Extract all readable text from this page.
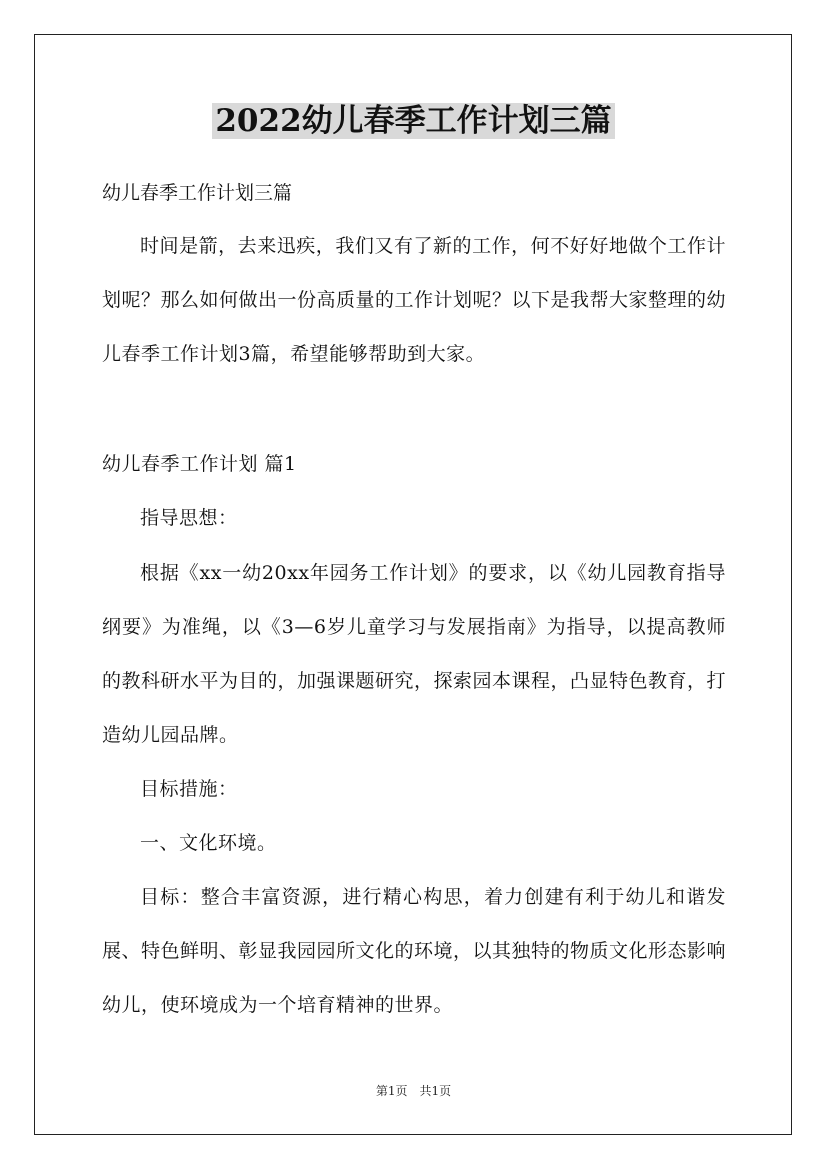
2022幼儿春季工作计划三篇
幼儿春季工作计划三篇

时间是箭，去来迅疾，我们又有了新的工作，何不好好地做个工作计划呢？那么如何做出一份高质量的工作计划呢？以下是我帮大家整理的幼儿春季工作计划3篇，希望能够帮助到大家。

幼儿春季工作计划 篇1

指导思想：

根据《xx一幼20xx年园务工作计划》的要求，以《幼儿园教育指导纲要》为准绳，以《3—6岁儿童学习与发展指南》为指导，以提高教师的教科研水平为目的，加强课题研究，探索园本课程，凸显特色教育，打造幼儿园品牌。

目标措施：

一、文化环境。

目标：整合丰富资源，进行精心构思，着力创建有利于幼儿和谐发展、特色鲜明、彰显我园园所文化的环境，以其独特的物质文化形态影响幼儿，使环境成为一个培育精神的世界。

第1页　共1页
